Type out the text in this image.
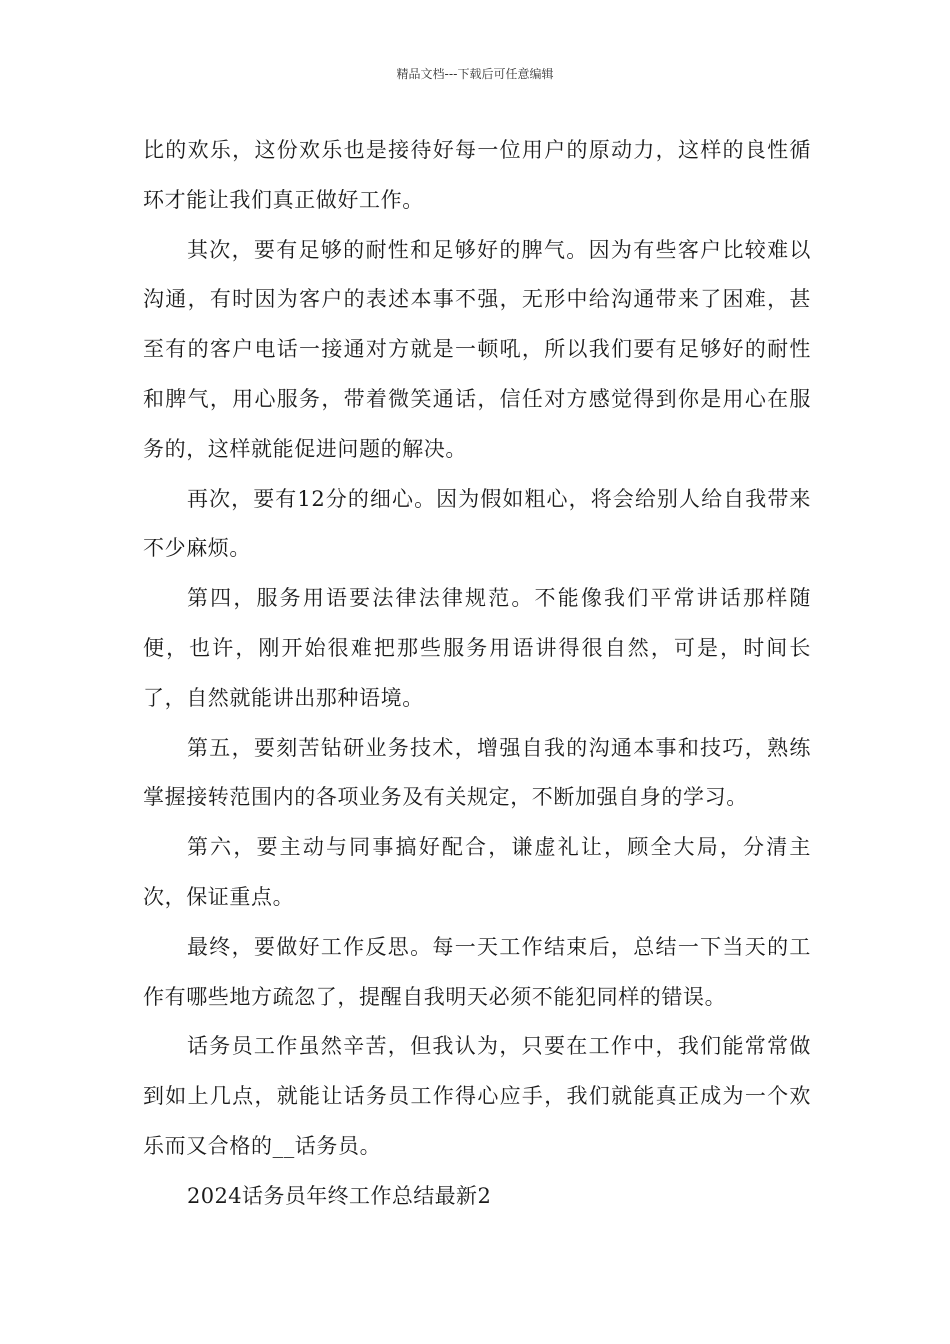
精品文档---下载后可任意编辑

比的欢乐，这份欢乐也是接待好每一位用户的原动力，这样的良性循环才能让我们真正做好工作。

其次，要有足够的耐性和足够好的脾气。因为有些客户比较难以沟通，有时因为客户的表述本事不强，无形中给沟通带来了困难，甚至有的客户电话一接通对方就是一顿吼，所以我们要有足够好的耐性和脾气，用心服务，带着微笑通话，信任对方感觉得到你是用心在服务的，这样就能促进问题的解决。

再次，要有12分的细心。因为假如粗心，将会给别人给自我带来不少麻烦。

第四，服务用语要法律法律规范。不能像我们平常讲话那样随便，也许，刚开始很难把那些服务用语讲得很自然，可是，时间长了，自然就能讲出那种语境。

第五，要刻苦钻研业务技术，增强自我的沟通本事和技巧，熟练掌握接转范围内的各项业务及有关规定，不断加强自身的学习。

第六，要主动与同事搞好配合，谦虚礼让，顾全大局，分清主次，保证重点。

最终，要做好工作反思。每一天工作结束后，总结一下当天的工作有哪些地方疏忽了，提醒自我明天必须不能犯同样的错误。

话务员工作虽然辛苦，但我认为，只要在工作中，我们能常常做到如上几点，就能让话务员工作得心应手，我们就能真正成为一个欢乐而又合格的__话务员。

2024话务员年终工作总结最新2
